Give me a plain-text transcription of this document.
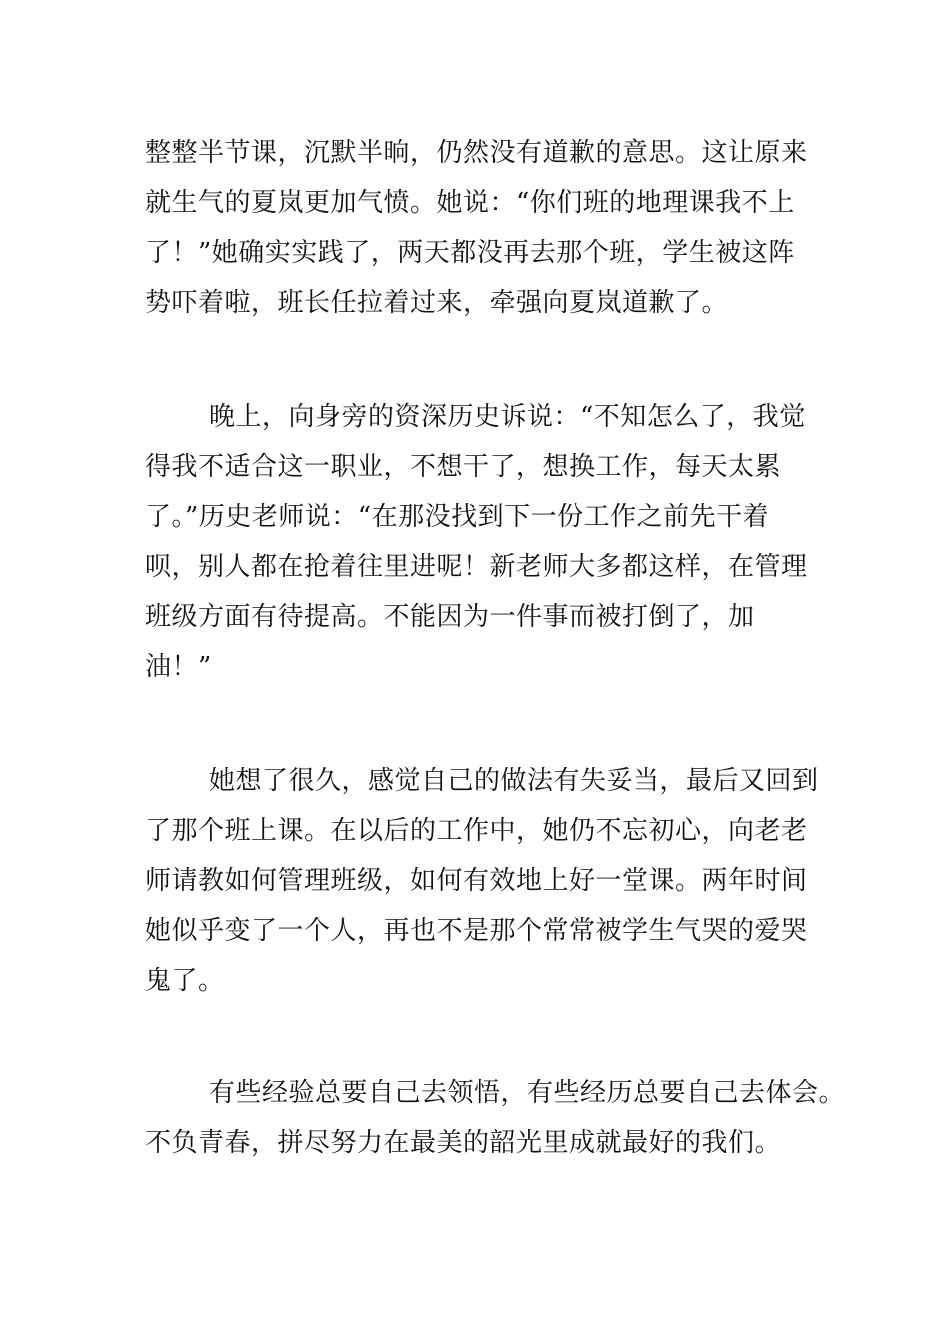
整整半节课，沉默半晌，仍然没有道歉的意思。这让原来
就生气的夏岚更加气愤。她说：“你们班的地理课我不上
了！”她确实实践了，两天都没再去那个班，学生被这阵
势吓着啦，班长任拉着过来，牵强向夏岚道歉了。
晚上，向身旁的资深历史诉说：“不知怎么了，我觉
得我不适合这一职业，不想干了，想换工作，每天太累
了。”历史老师说：“在那没找到下一份工作之前先干着
呗，别人都在抢着往里进呢！新老师大多都这样，在管理
班级方面有待提高。不能因为一件事而被打倒了，加
油！”
她想了很久，感觉自己的做法有失妥当，最后又回到
了那个班上课。在以后的工作中，她仍不忘初心，向老老
师请教如何管理班级，如何有效地上好一堂课。两年时间
她似乎变了一个人，再也不是那个常常被学生气哭的爱哭
鬼了。
有些经验总要自己去领悟，有些经历总要自己去体会。
不负青春，拼尽努力在最美的韶光里成就最好的我们。
